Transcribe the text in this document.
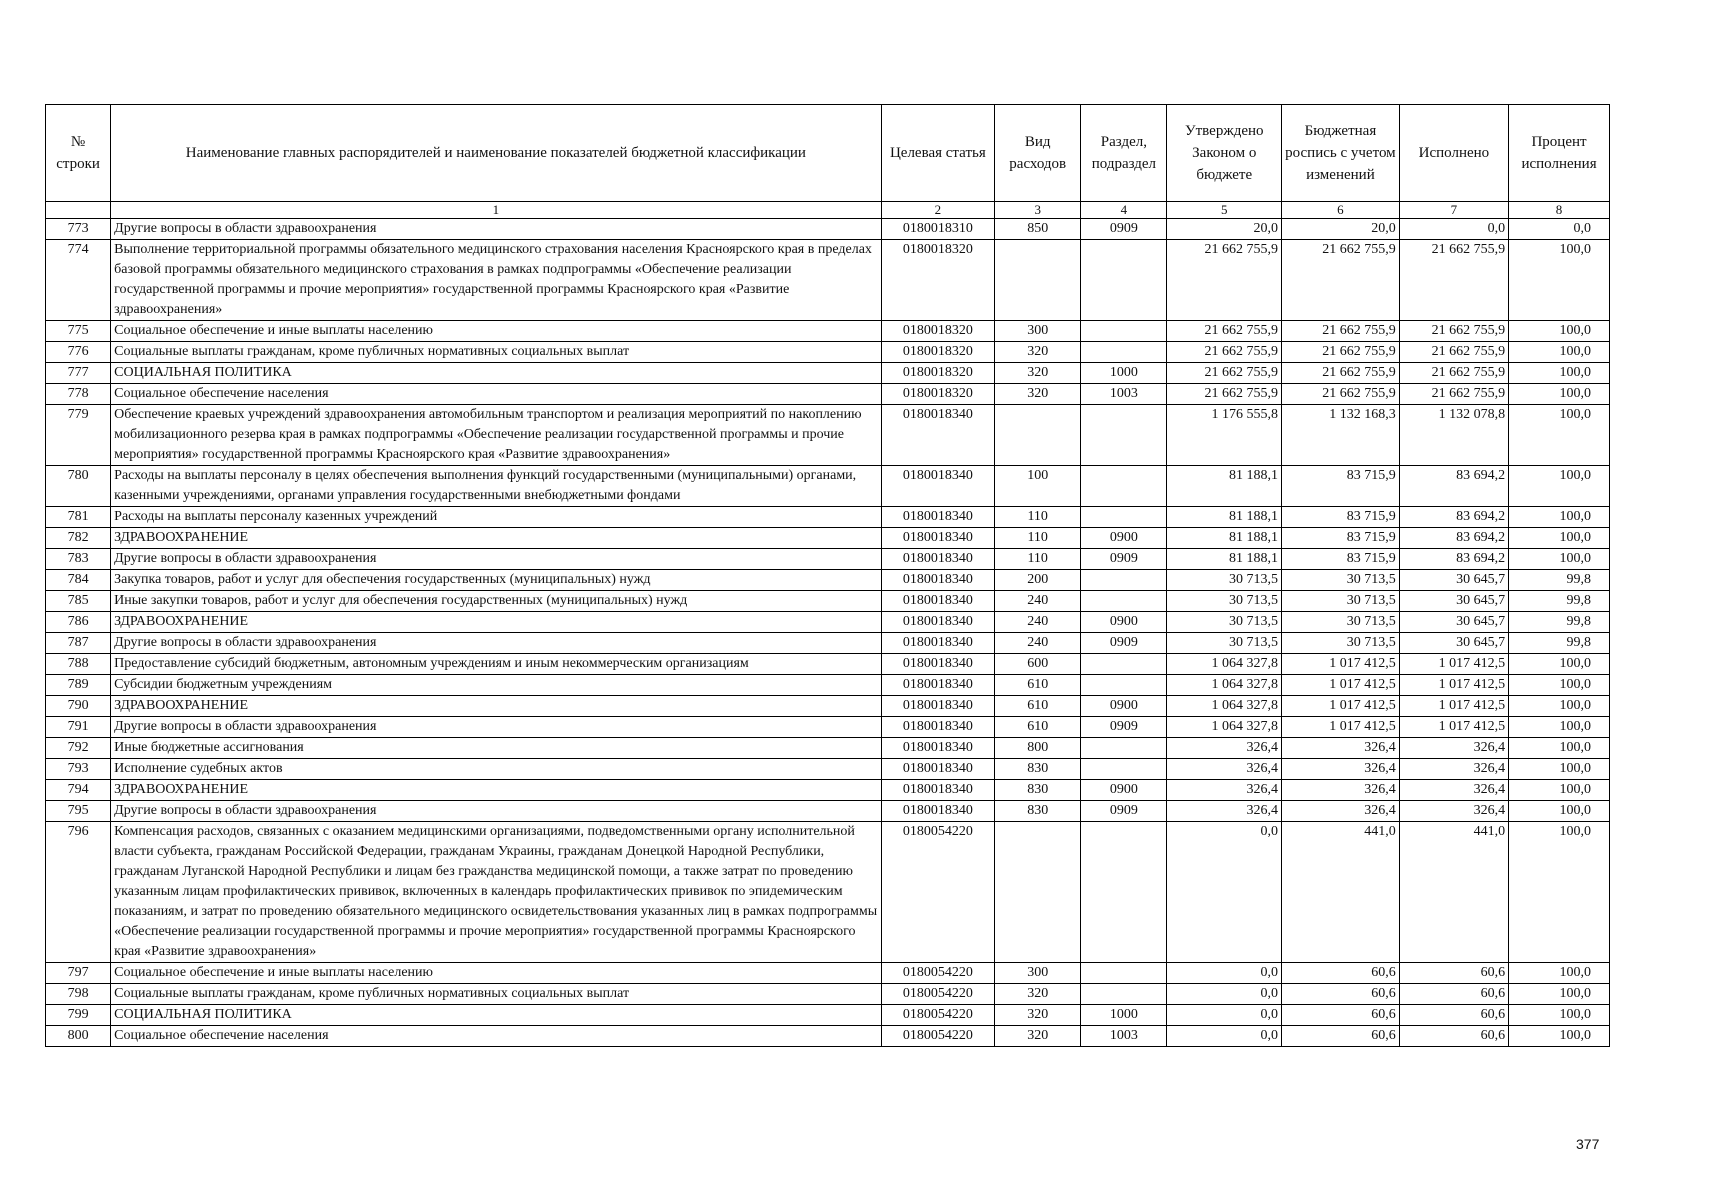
№ строки	Наименование главных распорядителей и наименование показателей бюджетной классификации	Целевая статья	Вид расходов	Раздел, подраздел	Утверждено Законом о бюджете	Бюджетная роспись с учетом изменений	Исполнено	Процент исполнения
	1	2	3	4	5	6	7	8
773	Другие вопросы в области здравоохранения	0180018310	850	0909	20,0	20,0	0,0	0,0
774	Выполнение территориальной программы обязательного медицинского страхования населения Красноярского края в пределах базовой программы обязательного медицинского страхования в рамках подпрограммы «Обеспечение реализации государственной программы и прочие мероприятия» государственной программы Красноярского края «Развитие здравоохранения»	0180018320			21 662 755,9	21 662 755,9	21 662 755,9	100,0
775	Социальное обеспечение и иные выплаты населению	0180018320	300		21 662 755,9	21 662 755,9	21 662 755,9	100,0
776	Социальные выплаты гражданам, кроме публичных нормативных социальных выплат	0180018320	320		21 662 755,9	21 662 755,9	21 662 755,9	100,0
777	СОЦИАЛЬНАЯ ПОЛИТИКА	0180018320	320	1000	21 662 755,9	21 662 755,9	21 662 755,9	100,0
778	Социальное обеспечение населения	0180018320	320	1003	21 662 755,9	21 662 755,9	21 662 755,9	100,0
779	Обеспечение краевых учреждений здравоохранения автомобильным транспортом и реализация мероприятий по накоплению мобилизационного резерва края в рамках подпрограммы «Обеспечение реализации государственной программы и прочие мероприятия» государственной программы Красноярского края «Развитие здравоохранения»	0180018340			1 176 555,8	1 132 168,3	1 132 078,8	100,0
780	Расходы на выплаты персоналу в целях обеспечения выполнения функций государственными (муниципальными) органами, казенными учреждениями, органами управления государственными внебюджетными фондами	0180018340	100		81 188,1	83 715,9	83 694,2	100,0
781	Расходы на выплаты персоналу казенных учреждений	0180018340	110		81 188,1	83 715,9	83 694,2	100,0
782	ЗДРАВООХРАНЕНИЕ	0180018340	110	0900	81 188,1	83 715,9	83 694,2	100,0
783	Другие вопросы в области здравоохранения	0180018340	110	0909	81 188,1	83 715,9	83 694,2	100,0
784	Закупка товаров, работ и услуг для обеспечения государственных (муниципальных) нужд	0180018340	200		30 713,5	30 713,5	30 645,7	99,8
785	Иные закупки товаров, работ и услуг для обеспечения государственных (муниципальных) нужд	0180018340	240		30 713,5	30 713,5	30 645,7	99,8
786	ЗДРАВООХРАНЕНИЕ	0180018340	240	0900	30 713,5	30 713,5	30 645,7	99,8
787	Другие вопросы в области здравоохранения	0180018340	240	0909	30 713,5	30 713,5	30 645,7	99,8
788	Предоставление субсидий бюджетным, автономным учреждениям и иным некоммерческим организациям	0180018340	600		1 064 327,8	1 017 412,5	1 017 412,5	100,0
789	Субсидии бюджетным учреждениям	0180018340	610		1 064 327,8	1 017 412,5	1 017 412,5	100,0
790	ЗДРАВООХРАНЕНИЕ	0180018340	610	0900	1 064 327,8	1 017 412,5	1 017 412,5	100,0
791	Другие вопросы в области здравоохранения	0180018340	610	0909	1 064 327,8	1 017 412,5	1 017 412,5	100,0
792	Иные бюджетные ассигнования	0180018340	800		326,4	326,4	326,4	100,0
793	Исполнение судебных актов	0180018340	830		326,4	326,4	326,4	100,0
794	ЗДРАВООХРАНЕНИЕ	0180018340	830	0900	326,4	326,4	326,4	100,0
795	Другие вопросы в области здравоохранения	0180018340	830	0909	326,4	326,4	326,4	100,0
796	Компенсация расходов, связанных с оказанием медицинскими организациями, подведомственными органу исполнительной власти субъекта, гражданам Российской Федерации, гражданам Украины, гражданам Донецкой Народной Республики, гражданам Луганской Народной Республики и лицам без гражданства медицинской помощи, а также затрат по проведению указанным лицам профилактических прививок, включенных в календарь профилактических прививок по эпидемическим показаниям, и затрат по проведению обязательного медицинского освидетельствования указанных лиц в рамках подпрограммы «Обеспечение реализации государственной программы и прочие мероприятия» государственной программы Красноярского края «Развитие здравоохранения»	0180054220			0,0	441,0	441,0	100,0
797	Социальное обеспечение и иные выплаты населению	0180054220	300		0,0	60,6	60,6	100,0
798	Социальные выплаты гражданам, кроме публичных нормативных социальных выплат	0180054220	320		0,0	60,6	60,6	100,0
799	СОЦИАЛЬНАЯ ПОЛИТИКА	0180054220	320	1000	0,0	60,6	60,6	100,0
800	Социальное обеспечение населения	0180054220	320	1003	0,0	60,6	60,6	100,0
377
